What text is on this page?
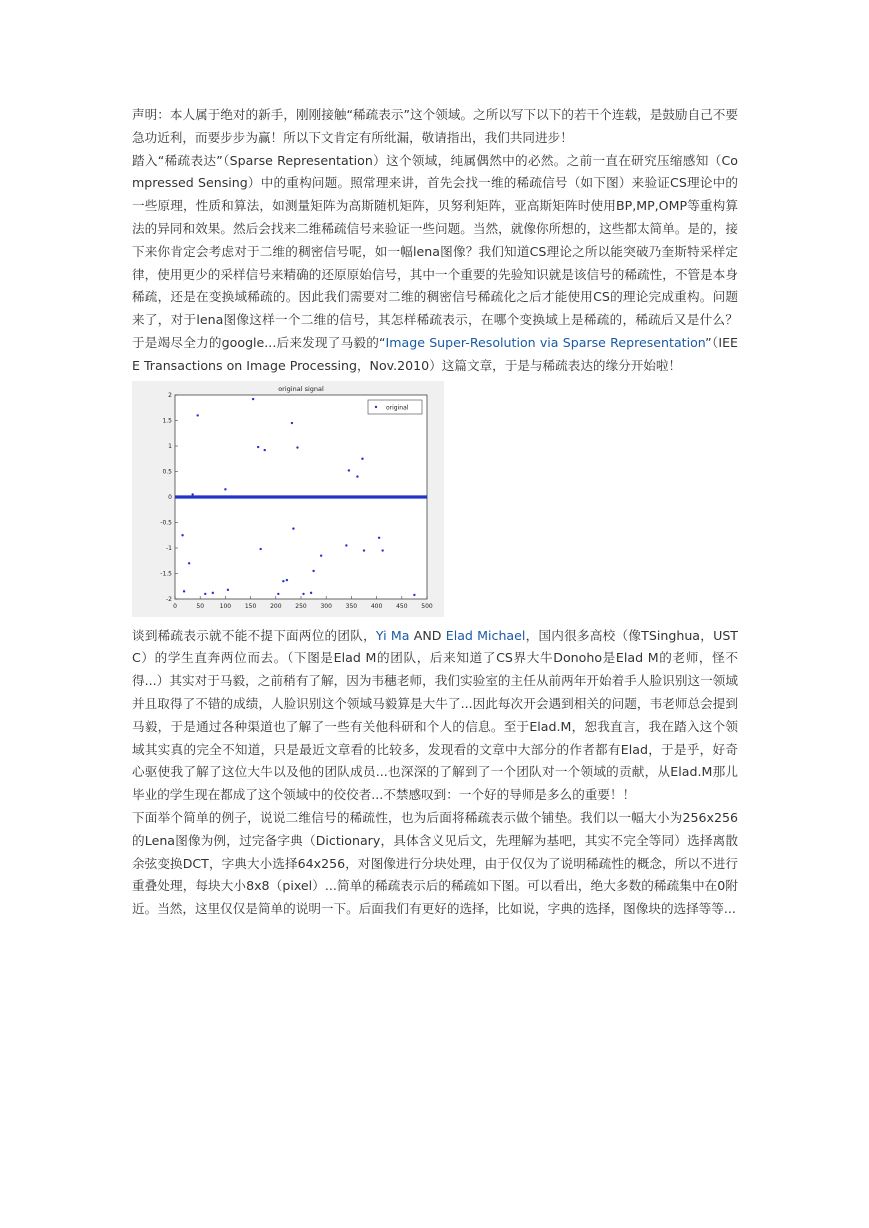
声明：本人属于绝对的新手，刚刚接触“稀疏表示”这个领域。之所以写下以下的若干个连载，是鼓励自己不要急功近利，而要步步为赢！所以下文肯定有所纰漏，敬请指出，我们共同进步！

踏入“稀疏表达”（Sparse Representation）这个领域，纯属偶然中的必然。之前一直在研究压缩感知（Compressed Sensing）中的重构问题。照常理来讲，首先会找一维的稀疏信号（如下图）来验证CS理论中的一些原理，性质和算法，如测量矩阵为高斯随机矩阵，贝努利矩阵，亚高斯矩阵时使用BP,MP,OMP等重构算法的异同和效果。然后会找来二维稀疏信号来验证一些问题。当然，就像你所想的，这些都太简单。是的，接下来你肯定会考虑对于二维的稠密信号呢，如一幅lena图像？我们知道CS理论之所以能突破乃奎斯特采样定律，使用更少的采样信号来精确的还原原始信号，其中一个重要的先验知识就是该信号的稀疏性，不管是本身稀疏，还是在变换域稀疏的。因此我们需要对二维的稠密信号稀疏化之后才能使用CS的理论完成重构。问题来了，对于lena图像这样一个二维的信号，其怎样稀疏表示，在哪个变换域上是稀疏的，稀疏后又是什么？于是竭尽全力的google...后来发现了马毅的“Image Super-Resolution via Sparse Representation”（IEEE Transactions on Image Processing，Nov.2010）这篇文章，于是与稀疏表达的缘分开始啦！

2
1.5
1
0.5
0
-0.5
-1
-1.5
-2
0	50	100 150 200 250 300 350 400 450 500
original signal
original

谈到稀疏表示就不能不提下面两位的团队，Yi Ma AND Elad Michael，国内很多高校（像TSinghua，USTC）的学生直奔两位而去。（下图是Elad M的团队，后来知道了CS界大牛Donoho是Elad M的老师，怪不得...）其实对于马毅，之前稍有了解，因为韦穗老师，我们实验室的主任从前两年开始着手人脸识别这一领域并且取得了不错的成绩，人脸识别这个领域马毅算是大牛了...因此每次开会遇到相关的问题，韦老师总会提到马毅，于是通过各种渠道也了解了一些有关他科研和个人的信息。至于Elad.M，恕我直言，我在踏入这个领域其实真的完全不知道，只是最近文章看的比较多，发现看的文章中大部分的作者都有Elad，于是乎，好奇心驱使我了解了这位大牛以及他的团队成员...也深深的了解到了一个团队对一个领域的贡献，从Elad.M那儿毕业的学生现在都成了这个领域中的佼佼者...不禁感叹到：一个好的导师是多么的重要！！

下面举个简单的例子，说说二维信号的稀疏性，也为后面将稀疏表示做个铺垫。我们以一幅大小为256x256的Lena图像为例，过完备字典（Dictionary，具体含义见后文，先理解为基吧，其实不完全等同）选择离散余弦变换DCT，字典大小选择64x256，对图像进行分块处理，由于仅仅为了说明稀疏性的概念，所以不进行重叠处理，每块大小8x8（pixel）...简单的稀疏表示后的稀疏如下图。可以看出，绝大多数的稀疏集中在0附近。当然，这里仅仅是简单的说明一下。后面我们有更好的选择，比如说，字典的选择，图像块的选择等等...
